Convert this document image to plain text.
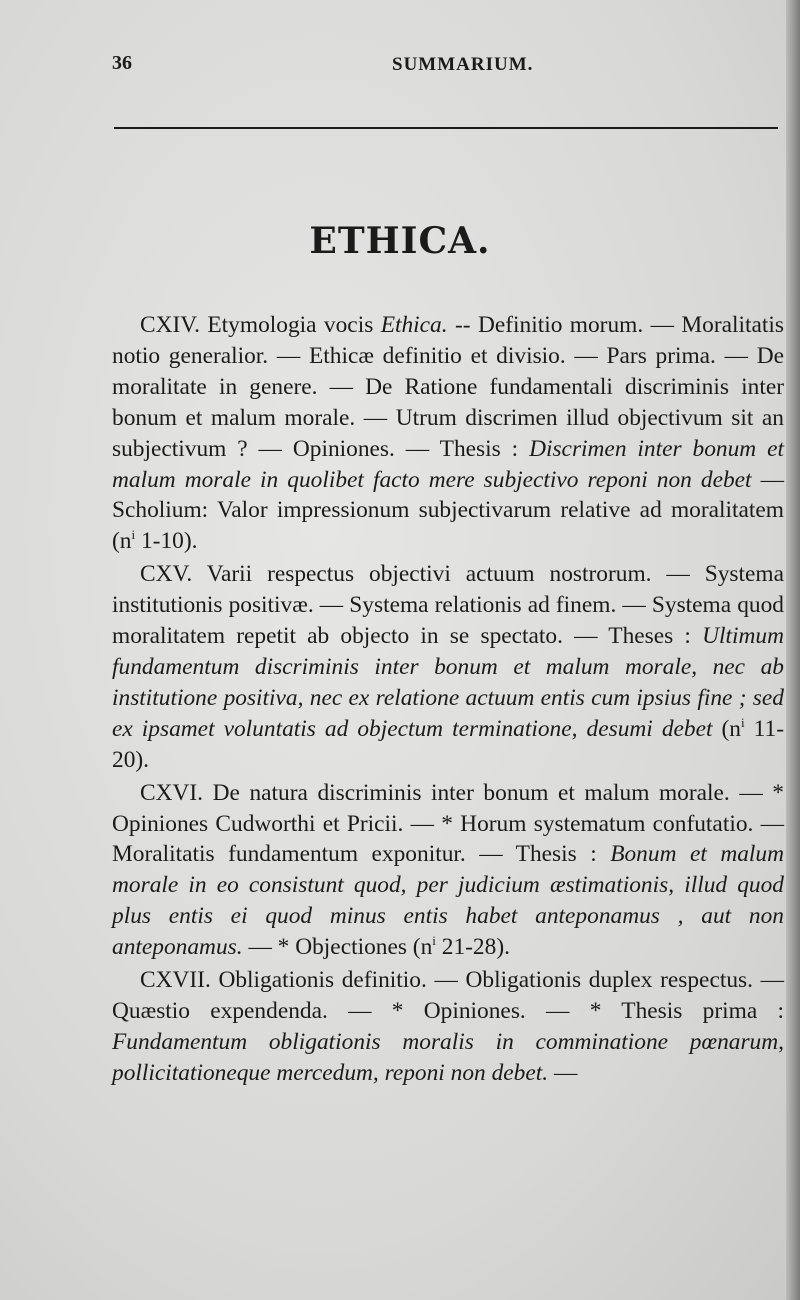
36	SUMMARIUM.
ETHICA.

CXIV. Etymologia vocis Ethica. -- Definitio morum. — Moralitatis notio generalior. — Ethicæ definitio et divisio. — Pars prima. — De moralitate in genere. — De Ratione fundamentali discriminis inter bonum et malum morale. — Utrum discrimen illud objectivum sit an subjectivum ? — Opiniones. — Thesis : Discrimen inter bonum et malum morale in quolibet facto mere subjectivo reponi non debet — Scholium: Valor impressionum subjectivarum relative ad moralitatem ($n^i$ 1-10).

CXV. Varii respectus objectivi actuum nostrorum. — Systema institutionis positivæ. — Systema relationis ad finem. — Systema quod moralitatem repetit ab objecto in se spectato. — Theses : Ultimum fundamentum discriminis inter bonum et malum morale, nec ab institutione positiva, nec ex relatione actuum entis cum ipsius fine ; sed ex ipsamet voluntatis ad objectum terminatione, desumi debet ($n^i$ 11-20).

CXVI. De natura discriminis inter bonum et malum morale. — * Opiniones Cudworthi et Pricii. — * Horum systematum confutatio. — Moralitatis fundamentum exponitur. — Thesis : Bonum et malum morale in eo consistunt quod, per judicium æstimationis, illud quod plus entis ei quod minus entis habet anteponamus , aut non anteponamus. — * Objectiones ($n^i$ 21-28).

CXVII. Obligationis definitio. — Obligationis duplex respectus. — Quæstio expendenda. — * Opiniones. — * Thesis prima : Fundamentum obligationis moralis in comminatione pœnarum, pollicitationeque mercedum, reponi non debet. —
